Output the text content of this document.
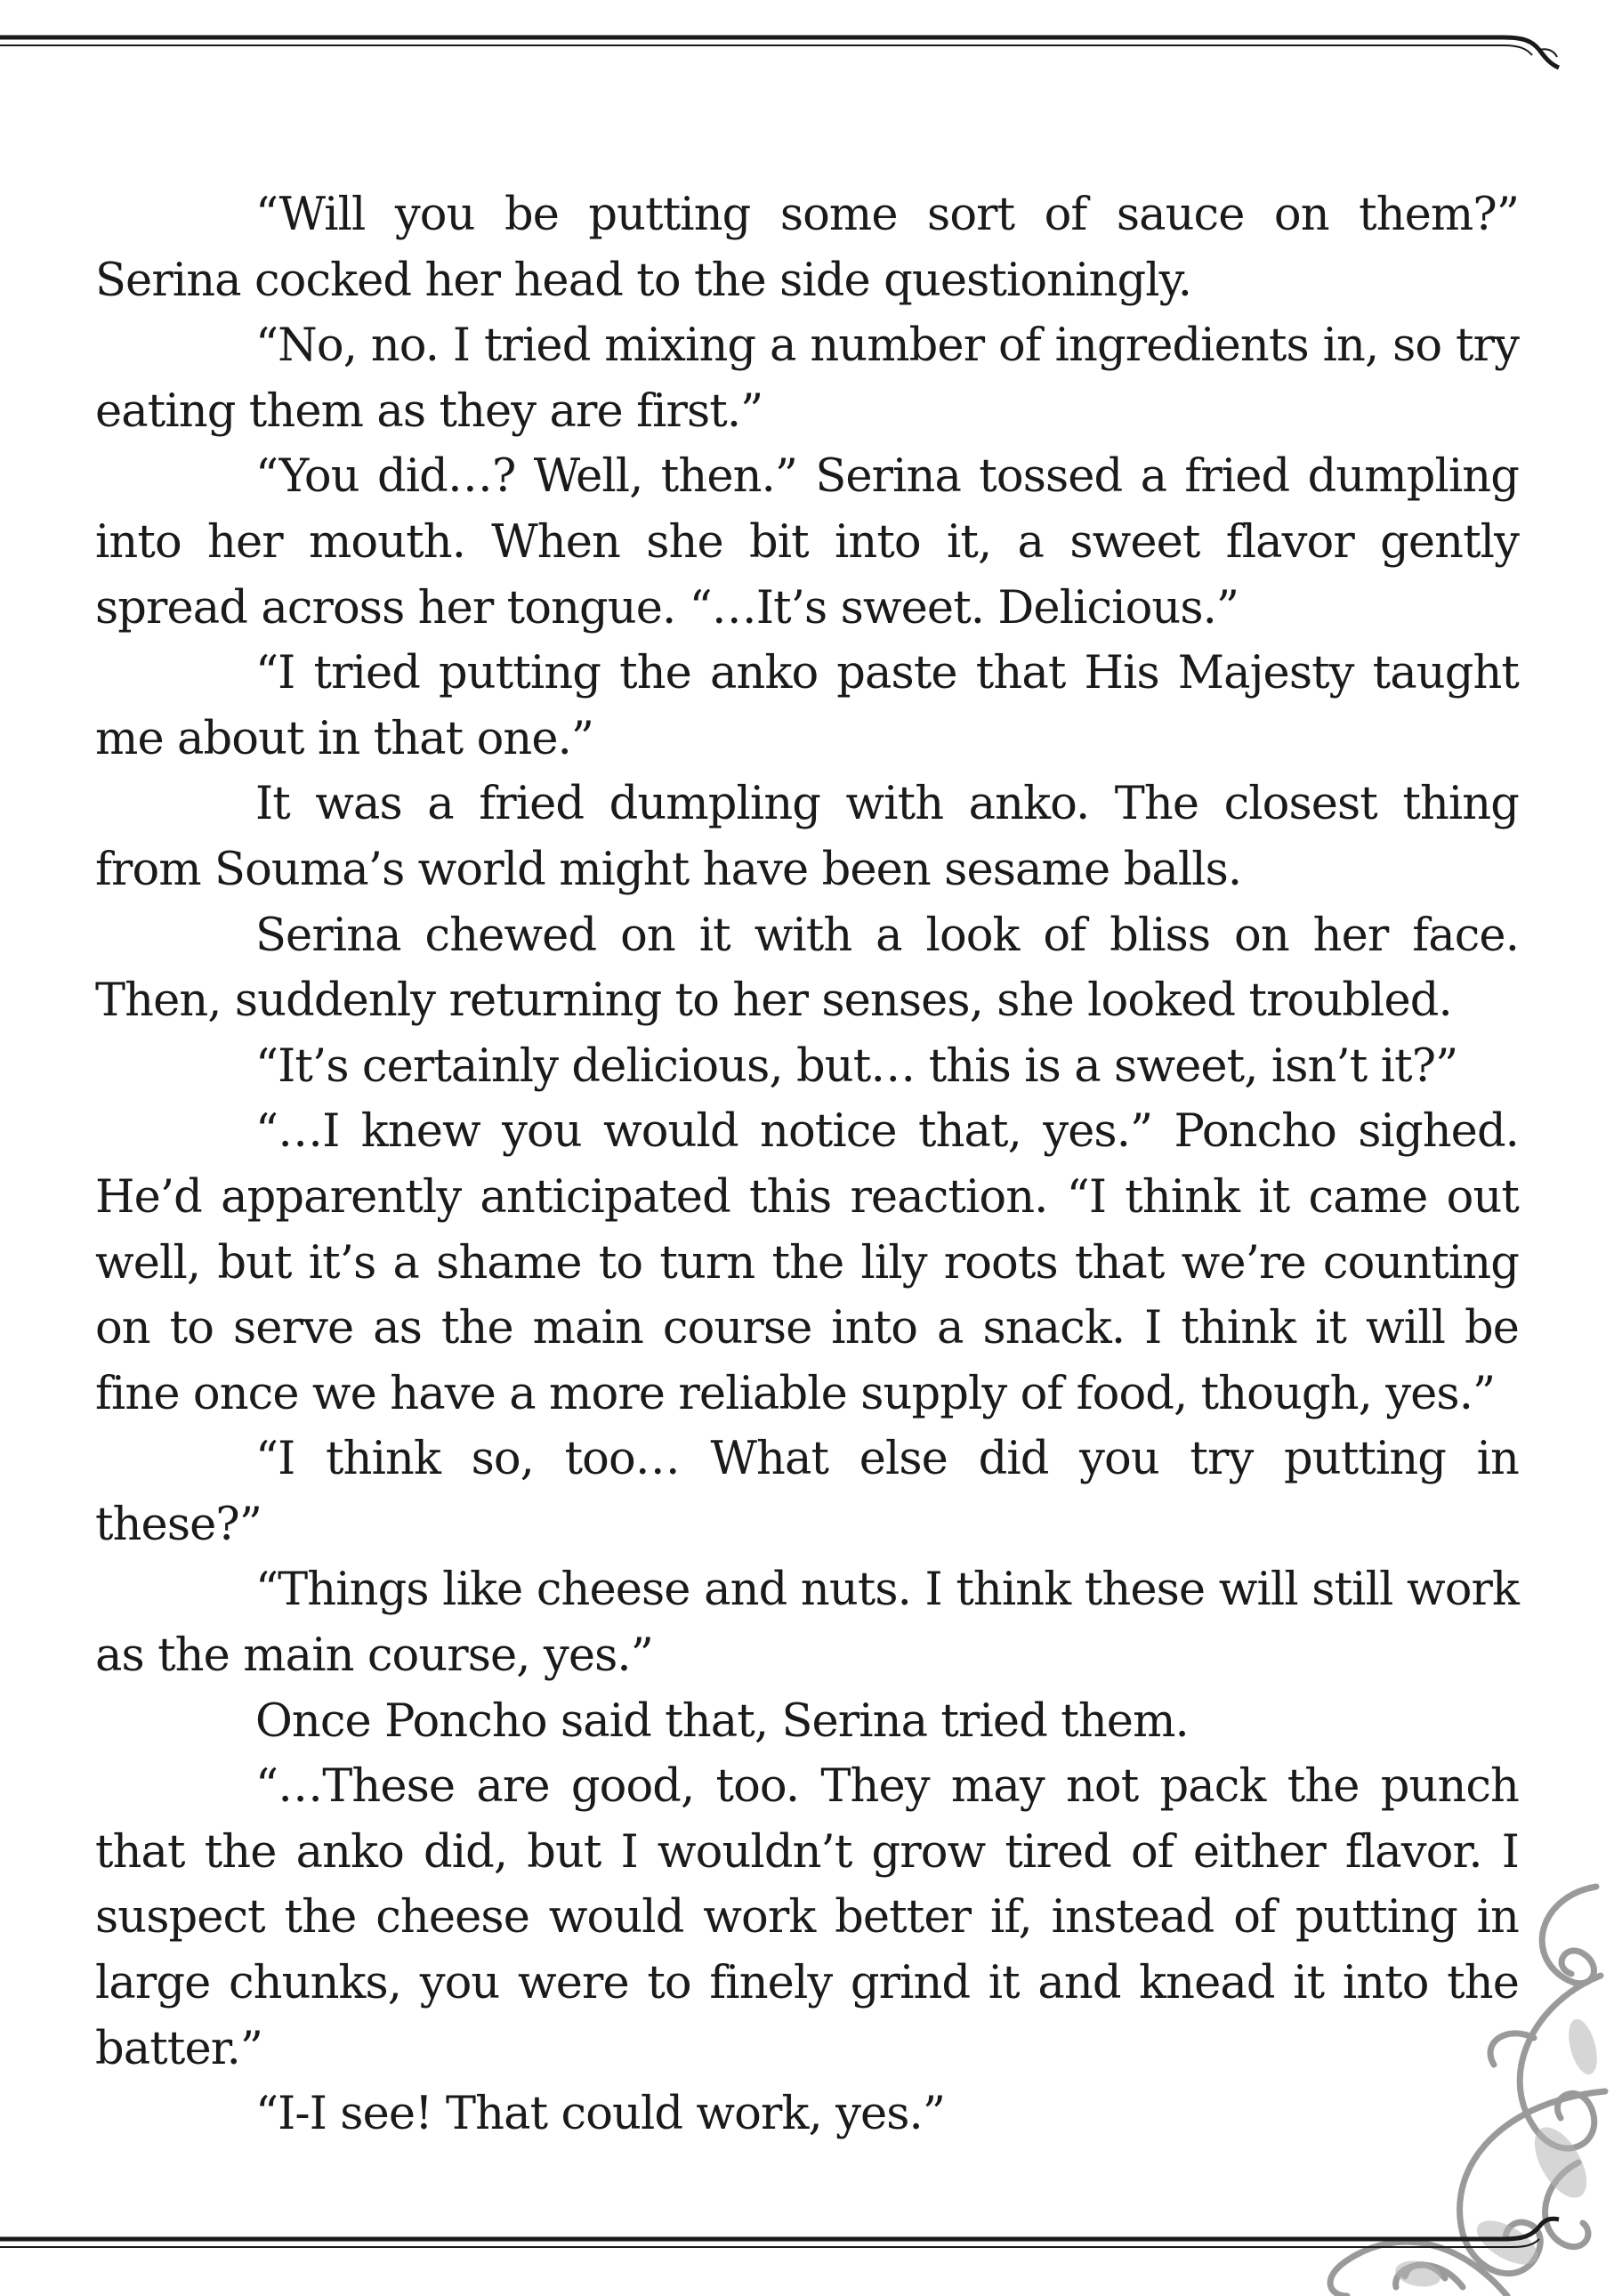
“Will you be putting some sort of sauce on them?” Serina cocked her head to the side questioningly.

“No, no. I tried mixing a number of ingredients in, so try eating them as they are first.”

“You did…? Well, then.” Serina tossed a fried dumpling into her mouth. When she bit into it, a sweet flavor gently spread across her tongue. “…It’s sweet. Delicious.”

“I tried putting the anko paste that His Majesty taught me about in that one.”

It was a fried dumpling with anko. The closest thing from Souma’s world might have been sesame balls.

Serina chewed on it with a look of bliss on her face. Then, suddenly returning to her senses, she looked troubled.

“It’s certainly delicious, but… this is a sweet, isn’t it?”

“…I knew you would notice that, yes.” Poncho sighed. He’d apparently anticipated this reaction. “I think it came out well, but it’s a shame to turn the lily roots that we’re counting on to serve as the main course into a snack. I think it will be fine once we have a more reliable supply of food, though, yes.”

“I think so, too… What else did you try putting in these?”

“Things like cheese and nuts. I think these will still work as the main course, yes.”

Once Poncho said that, Serina tried them.

“…These are good, too. They may not pack the punch that the anko did, but I wouldn’t grow tired of either flavor. I suspect the cheese would work better if, instead of putting in large chunks, you were to finely grind it and knead it into the batter.”

“I-I see! That could work, yes.”
